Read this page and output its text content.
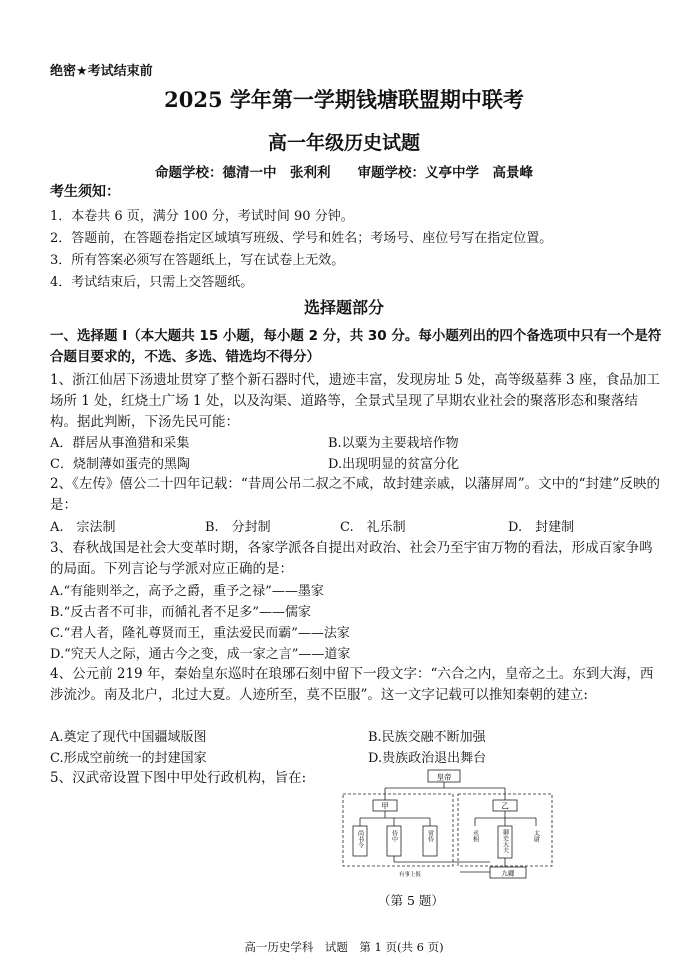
绝密★考试结束前
2025 学年第一学期钱塘联盟期中联考
高一年级历史试题
命题学校：德清一中　张利利　　审题学校：义亭中学　高景峰
考生须知：
1．本卷共 6 页，满分 100 分，考试时间 90 分钟。
2．答题前，在答题卷指定区域填写班级、学号和姓名；考场号、座位号写在指定位置。
3．所有答案必须写在答题纸上，写在试卷上无效。
4．考试结束后，只需上交答题纸。
选择题部分
一、选择题 I（本大题共 15 小题，每小题 2 分，共 30 分。每小题列出的四个备选项中只有一个是符合题目要求的，不选、多选、错选均不得分）
1、浙江仙居下汤遗址贯穿了整个新石器时代，遗迹丰富，发现房址 5 处，高等级墓葬 3 座，食品加工场所 1 处，红烧土广场 1 处，以及沟渠、道路等，全景式呈现了早期农业社会的聚落形态和聚落结构。据此判断，下汤先民可能：
A．群居从事渔猎和采集	B.以粟为主要栽培作物
C．烧制薄如蛋壳的黑陶	D.出现明显的贫富分化
2、《左传》僖公二十四年记载：“昔周公吊二叔之不咸，故封建亲戚，以藩屏周”。文中的“封建”反映的是：
A.　宗法制	B.　分封制	C.　礼乐制	D.　封建制
3、春秋战国是社会大变革时期，各家学派各自提出对政治、社会乃至宇宙万物的看法，形成百家争鸣的局面。下列言论与学派对应正确的是：
A.“有能则举之，高予之爵，重予之禄”——墨家
B.“反古者不可非，而循礼者不足多”——儒家
C.“君人者，隆礼尊贤而王，重法爱民而霸”——法家
D.“究天人之际，通古今之变，成一家之言”——道家
4、公元前 219 年，秦始皇东巡时在琅琊石刻中留下一段文字：“六合之内，皇帝之土。东到大海，西涉流沙。南及北户，北过大夏。人迹所至，莫不臣服”。这一文字记载可以推知秦朝的建立:
A.奠定了现代中国疆域版图	B.民族交融不断加强
C.形成空前统一的封建国家	D.贵族政治退出舞台
5、汉武帝设置下图中甲处行政机构，旨在:	皇帝
甲	乙
尚书令	侍中	常侍	丞相	御史大夫	太尉
有事上报	九卿
（第 5 题）
高一历史学科　试题　第 1 页(共 6 页)
